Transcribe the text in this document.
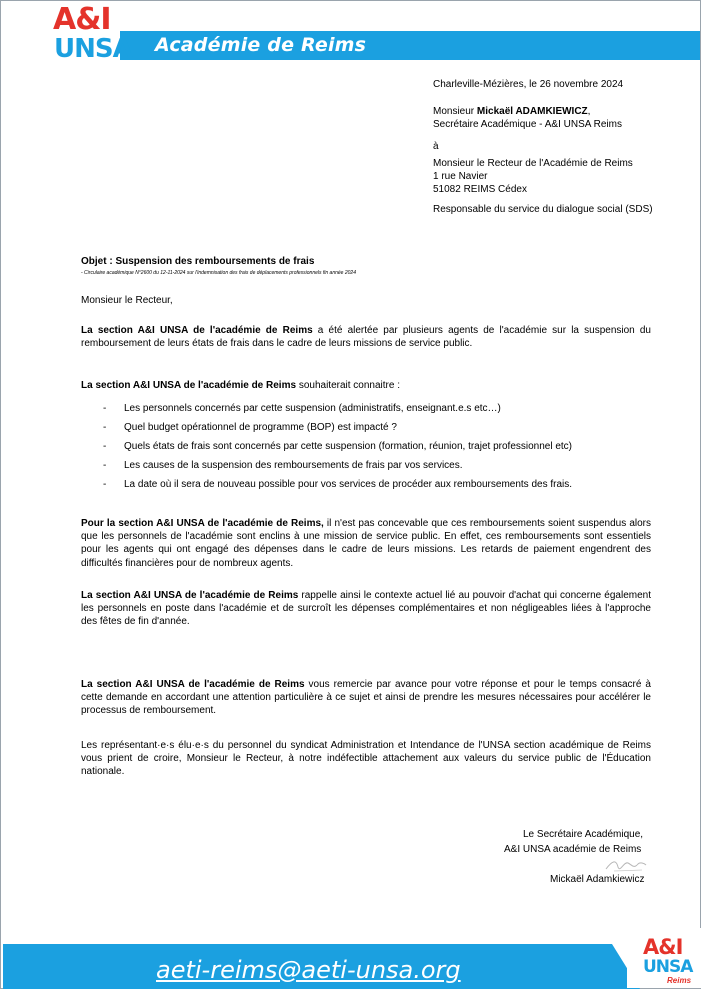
Académie de Reims
A&I
UNSA
Charleville-Mézières, le 26 novembre 2024
Monsieur Mickaël ADAMKIEWICZ,
Secrétaire Académique - A&I UNSA Reims
à
Monsieur le Recteur de l'Académie de Reims
1 rue Navier
51082 REIMS Cédex
Responsable du service du dialogue social (SDS)
Objet : Suspension des remboursements de frais
- Circulaire académique N°2600 du 12-11-2024 sur l'indemnisation des frais de déplacements professionnels fin année 2024
Monsieur le Recteur,
La section A&I UNSA de l'académie de Reims a été alertée par plusieurs agents de l'académie sur la suspension du remboursement de leurs états de frais dans le cadre de leurs missions de service public.
La section A&I UNSA de l'académie de Reims souhaiterait connaitre :
- Les personnels concernés par cette suspension (administratifs, enseignant.e.s etc…)
- Quel budget opérationnel de programme (BOP) est impacté ?
- Quels états de frais sont concernés par cette suspension (formation, réunion, trajet professionnel etc)
- Les causes de la suspension des remboursements de frais par vos services.
- La date où il sera de nouveau possible pour vos services de procéder aux remboursements des frais.
Pour la section A&I UNSA de l'académie de Reims, il n'est pas concevable que ces remboursements soient suspendus alors que les personnels de l'académie sont enclins à une mission de service public. En effet, ces remboursements sont essentiels pour les agents qui ont engagé des dépenses dans le cadre de leurs missions. Les retards de paiement engendrent des difficultés financières pour de nombreux agents.
La section A&I UNSA de l'académie de Reims rappelle ainsi le contexte actuel lié au pouvoir d'achat qui concerne également les personnels en poste dans l'académie et de surcroît les dépenses complémentaires et non négligeables liées à l'approche des fêtes de fin d'année.
La section A&I UNSA de l'académie de Reims vous remercie par avance pour votre réponse et pour le temps consacré à cette demande en accordant une attention particulière à ce sujet et ainsi de prendre les mesures nécessaires pour accélérer le processus de remboursement.
Les représentant·e·s élu·e·s du personnel du syndicat Administration et Intendance de l'UNSA section académique de Reims vous prient de croire, Monsieur le Recteur, à notre indéfectible attachement aux valeurs du service public de l'Éducation nationale.
Le Secrétaire Académique,
A&I UNSA académie de Reims
Mickaël Adamkiewicz
aeti-reims@aeti-unsa.org
A&I
UNSA
Reims
